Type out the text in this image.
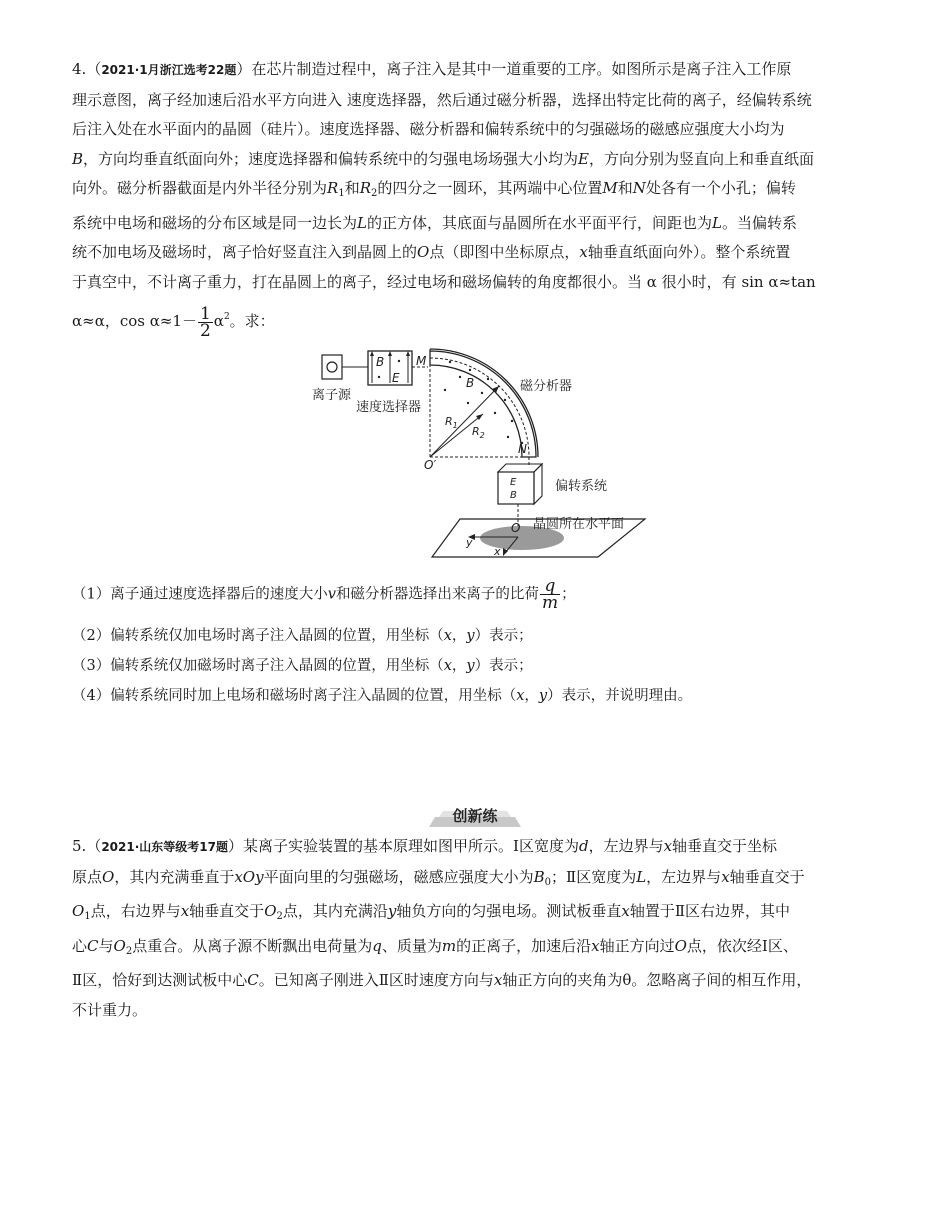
4.（2021·1月浙江选考22题）在芯片制造过程中，离子注入是其中一道重要的工序。如图所示是离子注入工作原
理示意图，离子经加速后沿水平方向进入 速度选择器，然后通过磁分析器，选择出特定比荷的离子，经偏转系统
后注入处在水平面内的晶圆（硅片）。速度选择器、磁分析器和偏转系统中的匀强磁场的磁感应强度大小均为
B，方向均垂直纸面向外；速度选择器和偏转系统中的匀强电场场强大小均为E，方向分别为竖直向上和垂直纸面
向外。磁分析器截面是内外半径分别为$R_1$和$R_2$的四分之一圆环，其两端中心位置M和N处各有一个小孔；偏转
系统中电场和磁场的分布区域是同一边长为L的正方体，其底面与晶圆所在水平面平行，间距也为L。当偏转系
统不加电场及磁场时，离子恰好竖直注入到晶圆上的O点（即图中坐标原点，x轴垂直纸面向外）。整个系统置
于真空中，不计离子重力，打在晶圆上的离子，经过电场和磁场偏转的角度都很小。当 α 很小时，有 sin α≈tan
α≈α，$\cos \alpha\approx 1- \frac{1}{2} \alpha^2$。求：

B
E
离子源
速度选择器
M
B	磁分析器
$R_1$ $R_2$
N
O′
E
B
偏转系统
O 晶圆所在水平面
y
x

（1）离子通过速度选择器后的速度大小v和磁分析器选择出来离子的比荷 $\frac{q}{m}$ ；

（2）偏转系统仅加电场时离子注入晶圆的位置，用坐标（x，y）表示；

（3）偏转系统仅加磁场时离子注入晶圆的位置，用坐标（x，y）表示；

（4）偏转系统同时加上电场和磁场时离子注入晶圆的位置，用坐标（x，y）表示，并说明理由。

创新练

5.（2021·山东等级考17题）某离子实验装置的基本原理如图甲所示。Ⅰ区宽度为d，左边界与x轴垂直交于坐标
原点O，其内充满垂直于xOy平面向里的匀强磁场，磁感应强度大小为$B_0$；Ⅱ区宽度为L，左边界与x轴垂直交于
$O_1$点，右边界与x轴垂直交于$O_2$点，其内充满沿y轴负方向的匀强电场。测试板垂直x轴置于Ⅱ区右边界，其中
心C与$O_2$点重合。从离子源不断飘出电荷量为q、质量为m的正离子，加速后沿x轴正方向过O点，依次经Ⅰ区、
Ⅱ区，恰好到达测试板中心C。已知离子刚进入Ⅱ区时速度方向与x轴正方向的夹角为θ。忽略离子间的相互作用，
不计重力。
